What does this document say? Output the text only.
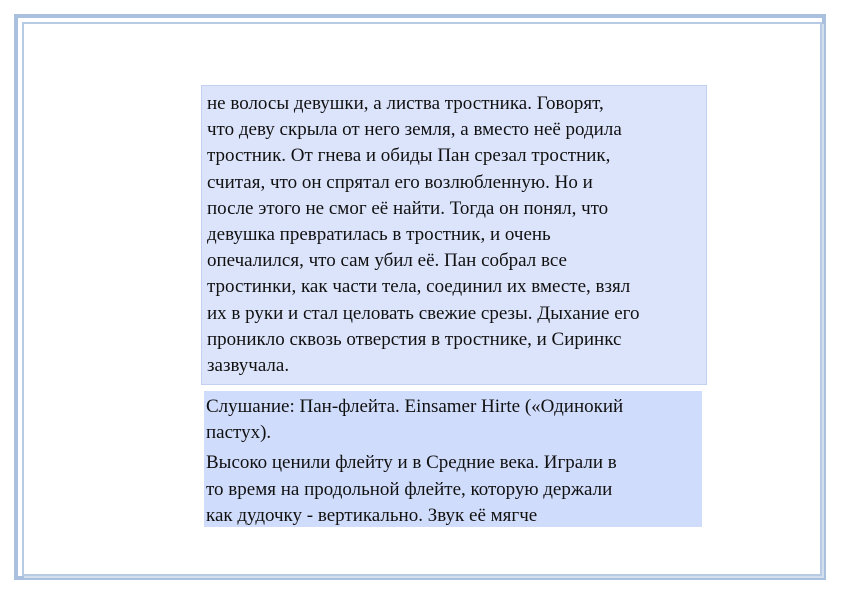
не волосы девушки, а листва тростника. Говорят,
что деву скрыла от него земля, а вместо неё родила
тростник. От гнева и обиды Пан срезал тростник,
считая, что он спрятал его возлюбленную. Но и
после этого не смог её найти. Тогда он понял, что
девушка превратилась в тростник, и очень
опечалился, что сам убил её. Пан собрал все
тростинки, как части тела, соединил их вместе, взял
их в руки и стал целовать свежие срезы. Дыхание его
проникло сквозь отверстия в тростнике, и Сиринкс
зазвучала.

Слушание: Пан-флейта. Einsamer Hirte («Одинокий
пастух).

Высоко ценили флейту и в Средние века. Играли в
то время на продольной флейте, которую держали
как дудочку - вертикально. Звук её мягче
